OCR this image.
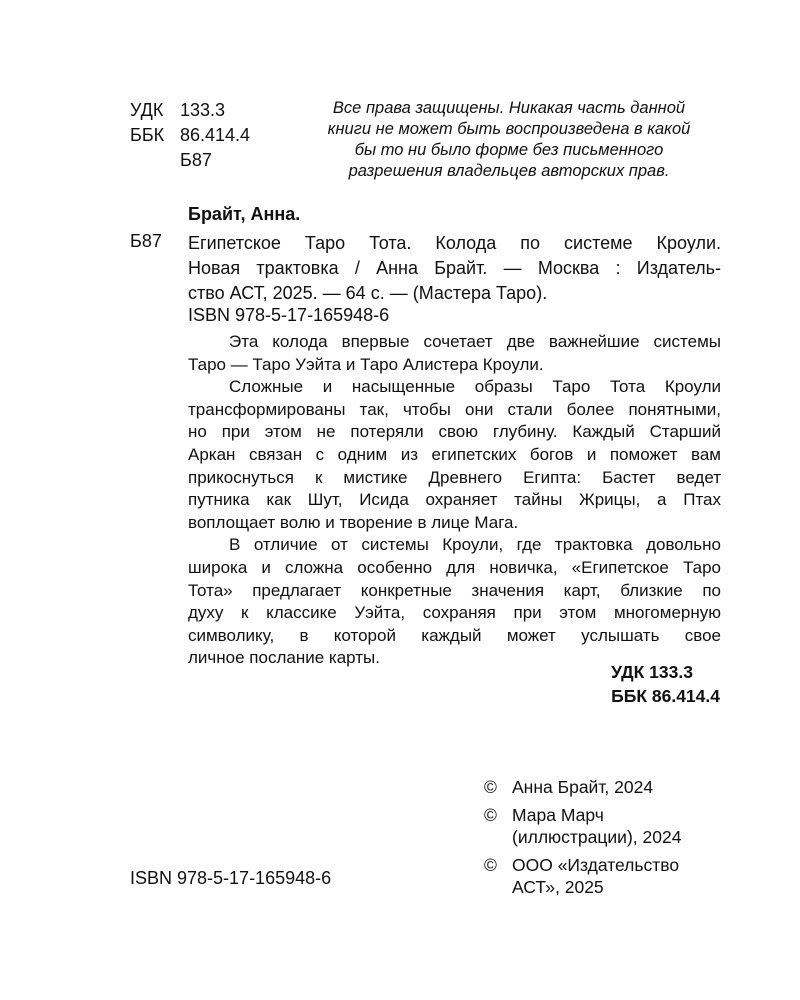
УДК 133.3
ББК 86.414.4
Б87
Все права защищены. Никакая часть данной
книги не может быть воспроизведена в какой
бы то ни было форме без письменного
разрешения владельцев авторских прав.
Брайт, Анна.
Б87 Египетское Таро Тота. Колода по системе Кроули.
Новая трактовка / Анна Брайт. — Москва : Издатель-
ство АСТ, 2025. — 64 с. — (Мастера Таро).
ISBN 978-5-17-165948-6
Эта колода впервые сочетает две важнейшие системы
Таро — Таро Уэйта и Таро Алистера Кроули.
Сложные и насыщенные образы Таро Тота Кроули
трансформированы так, чтобы они стали более понятными,
но при этом не потеряли свою глубину. Каждый Старший
Аркан связан с одним из египетских богов и поможет вам
прикоснуться к мистике Древнего Египта: Бастет ведет
путника как Шут, Исида охраняет тайны Жрицы, а Птах
воплощает волю и творение в лице Мага.
В отличие от системы Кроули, где трактовка довольно
широка и сложна особенно для новичка, «Египетское Таро
Тота» предлагает конкретные значения карт, близкие по
духу к классике Уэйта, сохраняя при этом многомерную
символику, в которой каждый может услышать свое
личное послание карты.
УДК 133.3
ББК 86.414.4
© Анна Брайт, 2024
© Мара Марч
(иллюстрации), 2024
© ООО «Издательство
АСТ», 2025
ISBN 978-5-17-165948-6
